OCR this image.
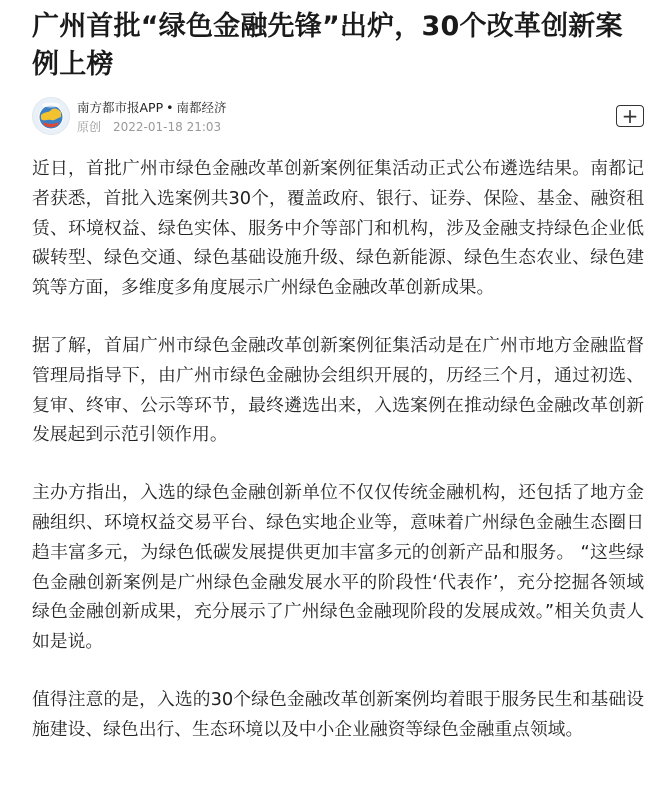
广州首批“绿色金融先锋”出炉，30个改革创新案例上榜
南方都市报APP • 南都经济
原创 2022-01-18 21:03	+

近日，首批广州市绿色金融改革创新案例征集活动正式公布遴选结果。南都记者获悉，首批入选案例共30个，覆盖政府、银行、证券、保险、基金、融资租赁、环境权益、绿色实体、服务中介等部门和机构，涉及金融支持绿色企业低碳转型、绿色交通、绿色基础设施升级、绿色新能源、绿色生态农业、绿色建筑等方面，多维度多角度展示广州绿色金融改革创新成果。

据了解，首届广州市绿色金融改革创新案例征集活动是在广州市地方金融监督管理局指导下，由广州市绿色金融协会组织开展的，历经三个月，通过初选、复审、终审、公示等环节，最终遴选出来，入选案例在推动绿色金融改革创新发展起到示范引领作用。

主办方指出，入选的绿色金融创新单位不仅仅传统金融机构，还包括了地方金融组织、环境权益交易平台、绿色实地企业等，意味着广州绿色金融生态圈日趋丰富多元，为绿色低碳发展提供更加丰富多元的创新产品和服务。 “这些绿色金融创新案例是广州绿色金融发展水平的阶段性‘代表作’，充分挖掘各领域绿色金融创新成果，充分展示了广州绿色金融现阶段的发展成效。”相关负责人如是说。

值得注意的是，入选的30个绿色金融改革创新案例均着眼于服务民生和基础设施建设、绿色出行、生态环境以及中小企业融资等绿色金融重点领域。
